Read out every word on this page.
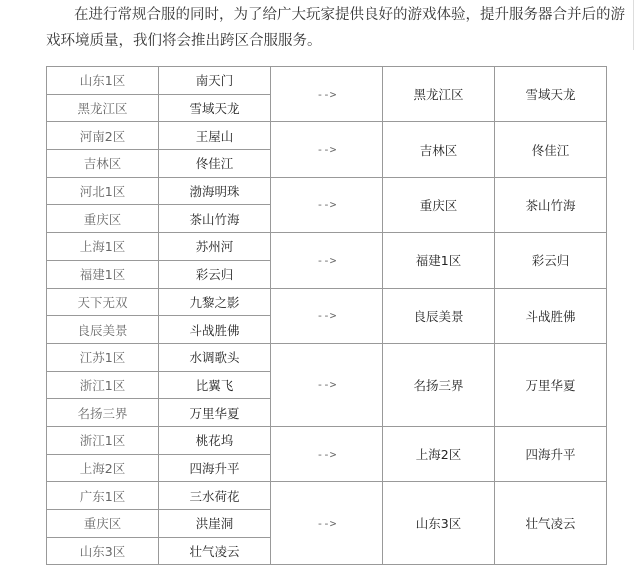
在进行常规合服的同时，为了给广大玩家提供良好的游戏体验，提升服务器合并后的游戏环境质量，我们将会推出跨区合服服务。

山东1区	南天门	-->	黑龙江区	雪域天龙
黑龙江区	雪域天龙			
河南2区	王屋山	-->	吉林区	佟佳江
吉林区	佟佳江			
河北1区	渤海明珠	-->	重庆区	茶山竹海
重庆区	茶山竹海			
上海1区	苏州河	-->	福建1区	彩云归
福建1区	彩云归			
天下无双	九黎之影	-->	良辰美景	斗战胜佛
良辰美景	斗战胜佛			
江苏1区	水调歌头	-->	名扬三界	万里华夏
浙江1区	比翼飞			
名扬三界	万里华夏			
浙江1区	桃花坞	-->	上海2区	四海升平
上海2区	四海升平			
广东1区	三水荷花	-->	山东3区	壮气凌云
重庆区	洪崖洞			
山东3区	壮气凌云			
